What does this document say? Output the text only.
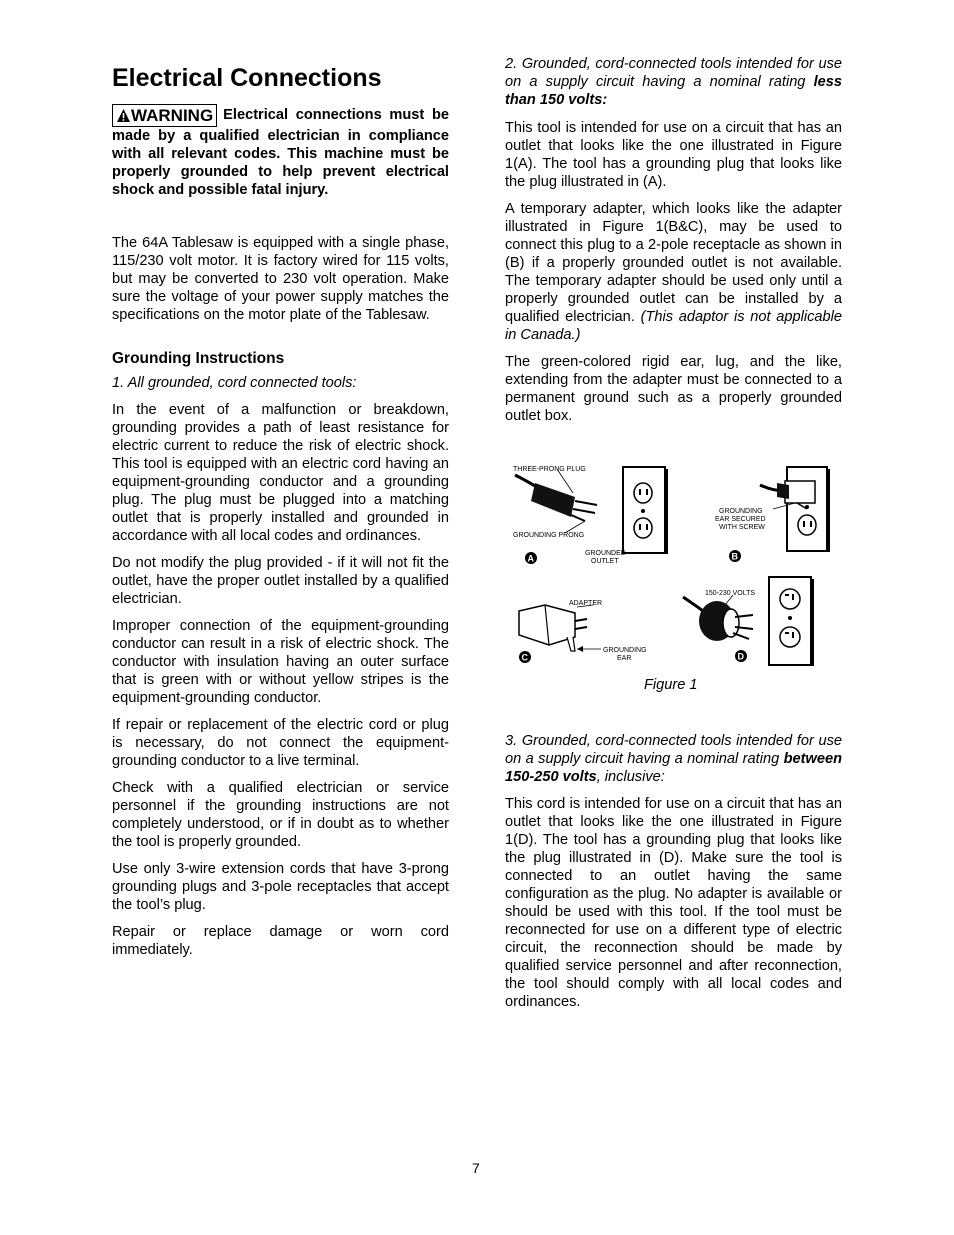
Electrical Connections

WARNING Electrical connections must be made by a qualified electrician in compliance with all relevant codes. This machine must be properly grounded to help prevent electrical shock and possible fatal injury.

The 64A Tablesaw is equipped with a single phase, 115/230 volt motor. It is factory wired for 115 volts, but may be converted to 230 volt operation. Make sure the voltage of your power supply matches the specifications on the motor plate of the Tablesaw.

Grounding Instructions

1. All grounded, cord connected tools:

In the event of a malfunction or breakdown, grounding provides a path of least resistance for electric current to reduce the risk of electric shock. This tool is equipped with an electric cord having an equipment-grounding conductor and a grounding plug. The plug must be plugged into a matching outlet that is properly installed and grounded in accordance with all local codes and ordinances.

Do not modify the plug provided - if it will not fit the outlet, have the proper outlet installed by a qualified electrician.

Improper connection of the equipment-grounding conductor can result in a risk of electric shock. The conductor with insulation having an outer surface that is green with or without yellow stripes is the equipment-grounding conductor.

If repair or replacement of the electric cord or plug is necessary, do not connect the equipment-grounding conductor to a live terminal.

Check with a qualified electrician or service personnel if the grounding instructions are not completely understood, or if in doubt as to whether the tool is properly grounded.

Use only 3-wire extension cords that have 3-prong grounding plugs and 3-pole receptacles that accept the tool’s plug.

Repair or replace damage or worn cord immediately.

2. Grounded, cord-connected tools intended for use on a supply circuit having a nominal rating less than 150 volts:

This tool is intended for use on a circuit that has an outlet that looks like the one illustrated in Figure 1(A). The tool has a grounding plug that looks like the plug illustrated in (A).

A temporary adapter, which looks like the adapter illustrated in Figure 1(B&C), may be used to connect this plug to a 2-pole receptacle as shown in (B) if a properly grounded outlet is not available. The temporary adapter should be used only until a properly grounded outlet can be installed by a qualified electrician. (This adaptor is not applicable in Canada.)

The green-colored rigid ear, lug, and the like, extending from the adapter must be connected to a permanent ground such as a properly grounded outlet box.

3. Grounded, cord-connected tools intended for use on a supply circuit having a nominal rating between 150-250 volts, inclusive:

This cord is intended for use on a circuit that has an outlet that looks like the one illustrated in Figure 1(D). The tool has a grounding plug that looks like the plug illustrated in (D). Make sure the tool is connected to an outlet having the same configuration as the plug. No adapter is available or should be used with this tool. If the tool must be reconnected for use on a different type of electric circuit, the reconnection should be made by qualified service personnel and after reconnection, the tool should comply with all local codes and ordinances.

THREE-PRONG PLUG
GROUNDING PRONG
GROUNDED
OUTLET
A
GROUNDING
EAR SECURED
WITH SCREW
B
ADAPTER
GROUNDING
EAR
C
150-230 VOLTS
D
Figure 1
7
